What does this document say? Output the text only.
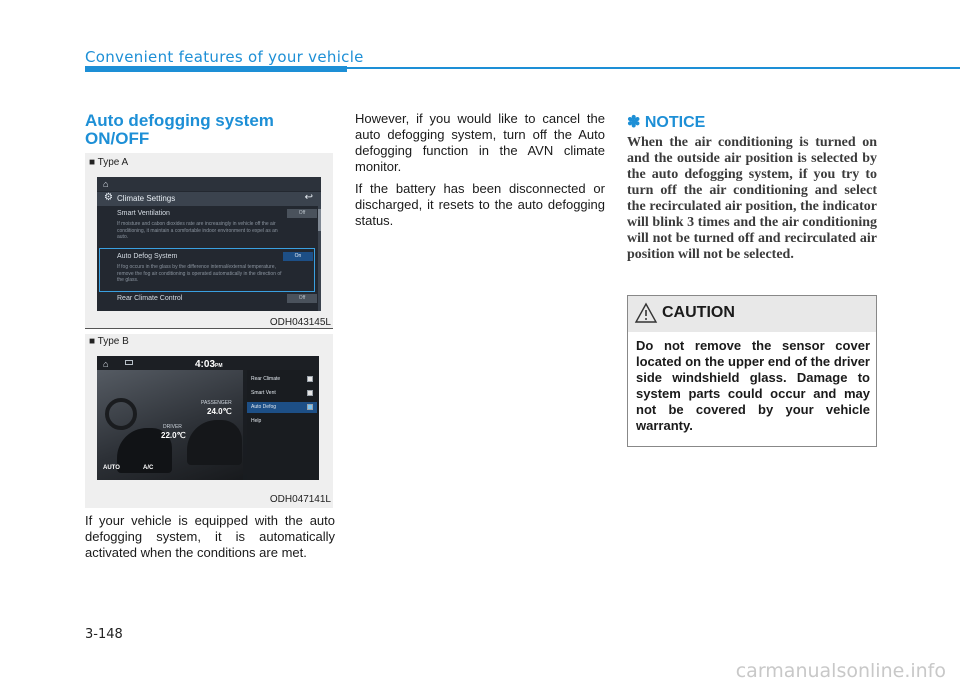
Convenient features of your vehicle
Auto defogging system ON/OFF
■ Type A
⌂
⚙ Climate Settings	↩
Smart Ventilation	Off
If moisture and cabon dioxides rate are increasingly in vehicle off the air conditioning, it maintain a comfortable indoor environment to expel as an auto.
Auto Defog System	On
If fog occurs in the glass by the difference internal/external temperature, remove the fog air conditioning is operated automatically in the direction of the glass.
Rear Climate Control	Off
ODH043145L
■ Type B
⌂	4:03PM
PASSENGER
24.0℃
DRIVER
22.0℃
Rear Climate
Smart Vent
Auto Defog
Help
AUTO	A/C
ODH047141L
If your vehicle is equipped with the auto defogging system, it is automatically activated when the conditions are met.

However, if you would like to cancel the auto defogging system, turn off the Auto defogging function in the AVN climate monitor.

If the battery has been disconnected or discharged, it resets to the auto defogging status.

✽ NOTICE
When the air conditioning is turned on and the outside air position is selected by the auto defogging system, if you try to turn off the air conditioning and select the recirculated air position, the indicator will blink 3 times and the air conditioning will not be turned off and recirculated air position will not be selected.
CAUTION
Do not remove the sensor cover located on the upper end of the driver side windshield glass. Damage to system parts could occur and may not be covered by your vehicle warranty.
3-148
carmanualsonline.info
